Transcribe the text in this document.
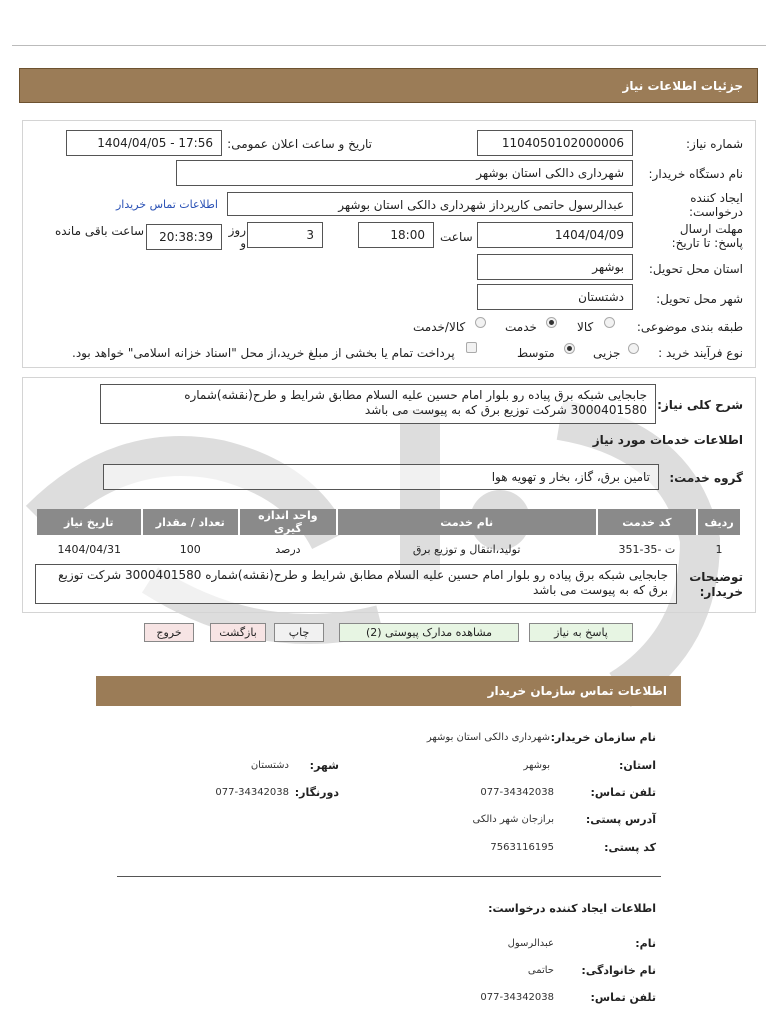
جزئیات اطلاعات نیاز
شماره نیاز:
1104050102000006
تاریخ و ساعت اعلان عمومی:
1404/04/05 - 17:56
نام دستگاه خریدار:
شهرداری دالکی استان بوشهر
ایجاد کننده درخواست:
عبدالرسول حاتمی کارپرداز شهرداری دالکی استان بوشهر
اطلاعات تماس خریدار
مهلت ارسال پاسخ: تا تاریخ:
1404/04/09
ساعت
18:00
3
روز و
20:38:39
ساعت باقی مانده
استان محل تحویل:
بوشهر
شهر محل تحویل:
دشتستان
طبقه بندی موضوعی:
کالا
خدمت
کالا/خدمت
نوع فرآیند خرید :
جزیی
متوسط
پرداخت تمام یا بخشی از مبلغ خرید،از محل "اسناد خزانه اسلامی" خواهد بود.
شرح کلی نیاز:
جابجایی شبکه برق پیاده رو بلوار امام حسین علیه السلام مطابق شرایط و طرح(نقشه)شماره 3000401580 شرکت توزیع برق که به پیوست می باشد
اطلاعات خدمات مورد نیاز
گروه خدمت:
تامین برق، گاز، بخار و تهویه هوا
ردیف	کد خدمت	نام خدمت	واحد اندازه گیری	تعداد / مقدار	تاریخ نیاز
1	ت -35-351	تولید،انتقال و توزیع برق	درصد	100	1404/04/31
توضیحات خریدار:
جابجایی شبکه برق پیاده رو بلوار امام حسین علیه السلام مطابق شرایط و طرح(نقشه)شماره 3000401580 شرکت توزیع برق که به پیوست می باشد
پاسخ به نیاز
مشاهده مدارک پیوستی (2)
چاپ
بازگشت
خروج
اطلاعات تماس سازمان خریدار
نام سازمان خریدار:
شهرداری دالکی استان بوشهر
استان:
بوشهر
شهر:
دشتستان
تلفن تماس:
077-34342038
دورنگار:
077-34342038
آدرس پستی:
برازجان شهر دالکی
کد پستی:
7563116195
اطلاعات ایجاد کننده درخواست:
نام:
عبدالرسول
نام خانوادگی:
حاتمی
تلفن تماس:
077-34342038
